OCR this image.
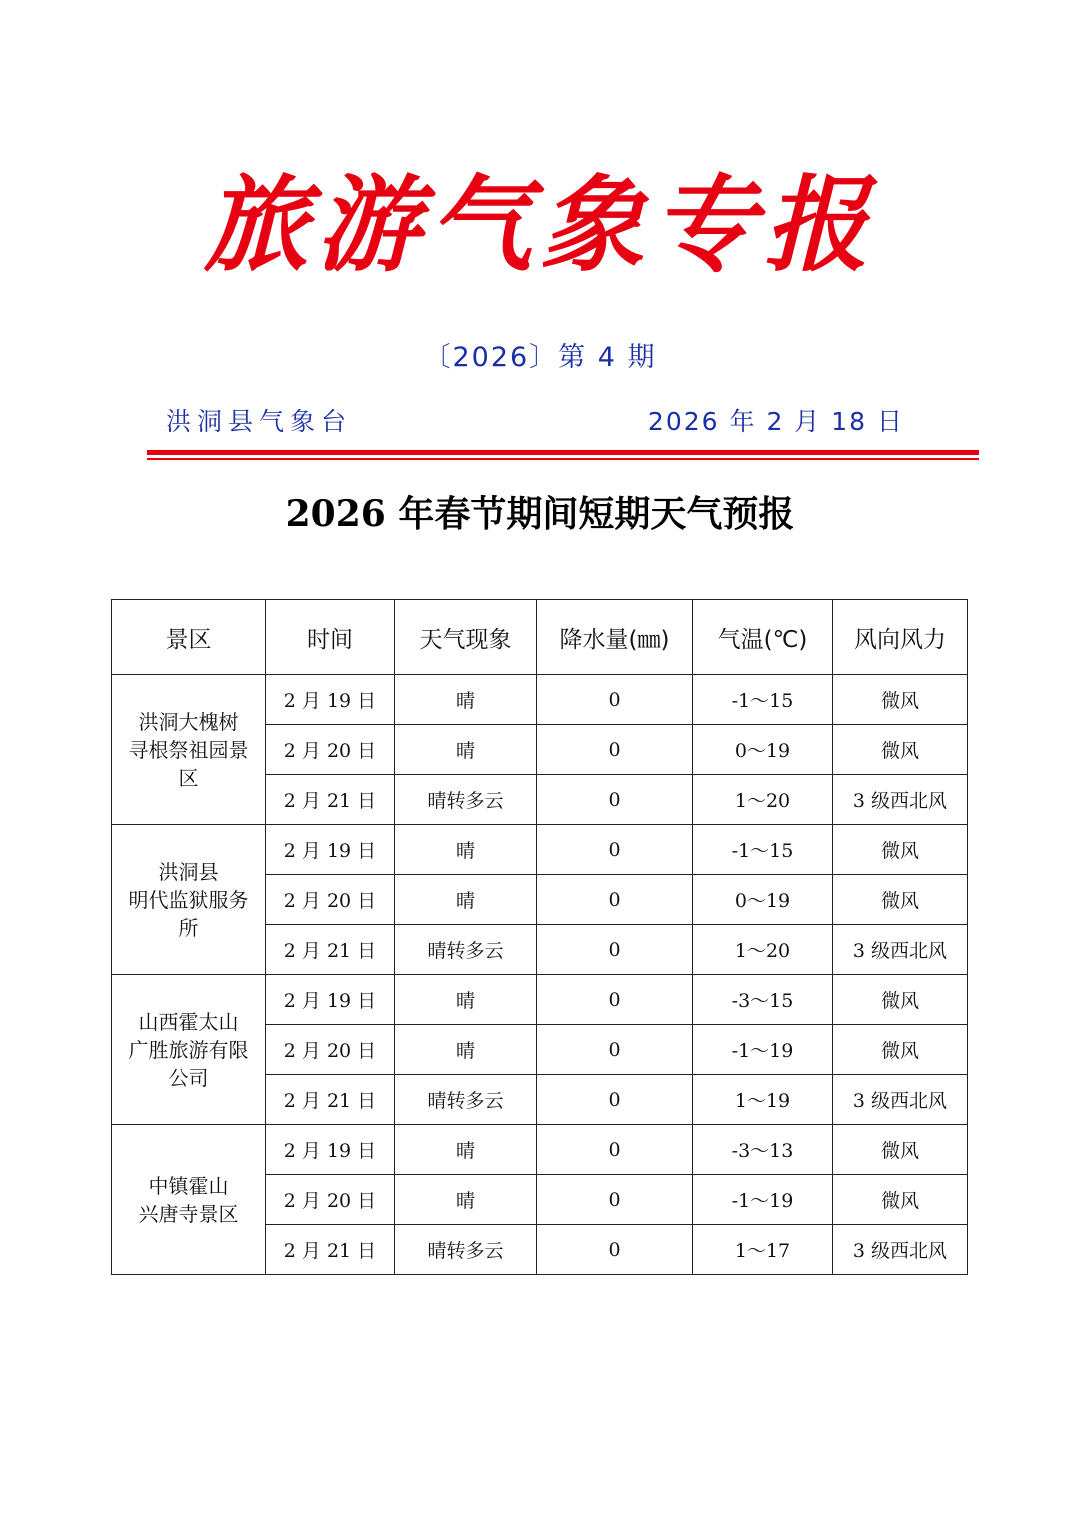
旅游气象专报
〔2026〕第 4 期
洪洞县气象台	2026 年 2 月 18 日
2026 年春节期间短期天气预报
景区	时间	天气现象	降水量(㎜)	气温(℃)	风向风力

洪洞大槐树
寻根祭祖园景
区	2 月 19 日	晴	0	-1～15	微风
	2 月 20 日	晴	0	0～19	微风
	2 月 21 日	晴转多云	0	1～20	3 级西北风

洪洞县
明代监狱服务
所	2 月 19 日	晴	0	-1～15	微风
	2 月 20 日	晴	0	0～19	微风
	2 月 21 日	晴转多云	0	1～20	3 级西北风

山西霍太山
广胜旅游有限
公司	2 月 19 日	晴	0	-3～15	微风
	2 月 20 日	晴	0	-1～19	微风
	2 月 21 日	晴转多云	0	1～19	3 级西北风

中镇霍山
兴唐寺景区	2 月 19 日	晴	0	-3～13	微风
	2 月 20 日	晴	0	-1～19	微风
	2 月 21 日	晴转多云	0	1～17	3 级西北风
